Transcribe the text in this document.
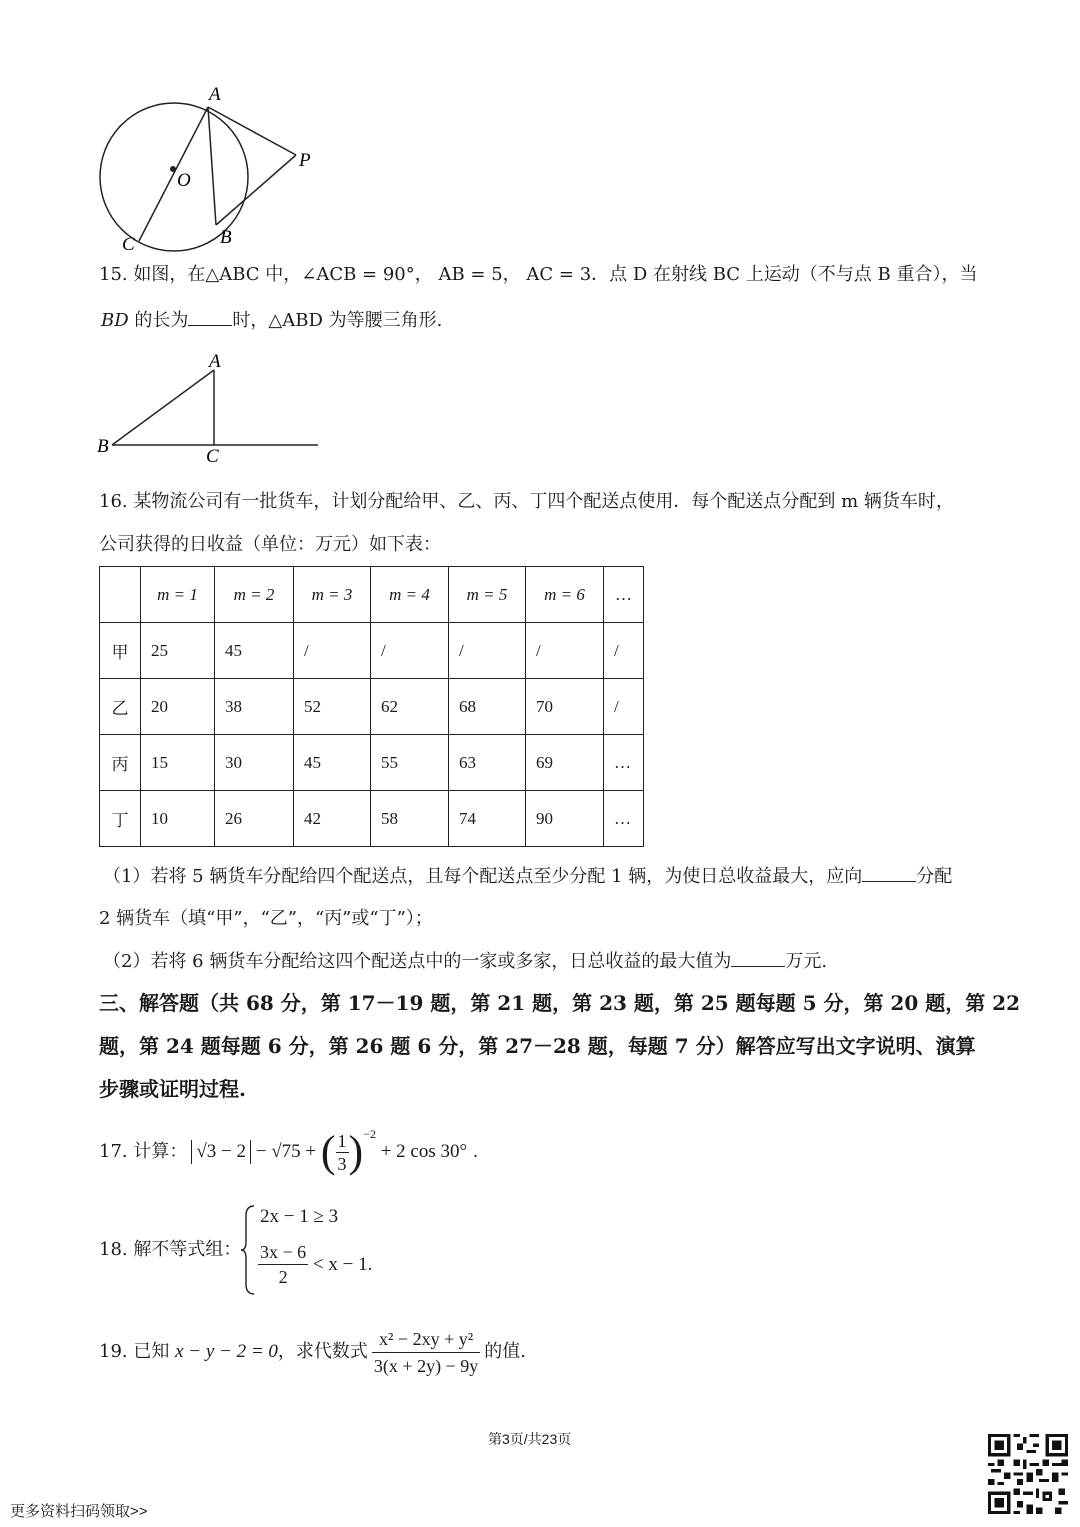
A
O
P
C	B
15. 如图，在△ABC 中，∠ACB = 90°， AB = 5， AC = 3．点 D 在射线 BC 上运动（不与点 B 重合），当
BD 的长为 时，△ABD 为等腰三角形.
A
B	C
16. 某物流公司有一批货车，计划分配给甲、乙、丙、丁四个配送点使用．每个配送点分配到 m 辆货车时，
公司获得的日收益（单位：万元）如下表：
	m = 1	m = 2	m = 3	m = 4	m = 5	m = 6	…
甲	25	45	/	/	/	/	/
乙	20	38	52	62	68	70	/
丙	15	30	45	55	63	69	…
丁	10	26	42	58	74	90	…
（1）若将 5 辆货车分配给四个配送点，且每个配送点至少分配 1 辆，为使日总收益最大，应向	分配
2 辆货车（填“甲”，“乙”，“丙”或“丁”）；
（2）若将 6 辆货车分配给这四个配送点中的一家或多家，日总收益的最大值为	万元.
三、解答题（共 68 分，第 17－19 题，第 21 题，第 23 题，第 25 题每题 5 分，第 20 题，第 22
题，第 24 题每题 6 分，第 26 题 6 分，第 27－28 题，每题 7 分）解答应写出文字说明、演算
步骤或证明过程.
17. 计算： √3 − 2 − √75 + ( $\frac{1}{3}$ ) −2
+ 2 cos 30° .
18. 解不等式组：
2x − 1 ≥ 3
$\frac{3x - 6}{2} < x - 1$ .
19. 已知 x − y − 2 = 0 ，求代数式 $\frac{\text{x² − 2xy + y²}}{3(x + 2y) - 9y}$ 的值.
第3页/共23页
更多资料扫码领取>>
